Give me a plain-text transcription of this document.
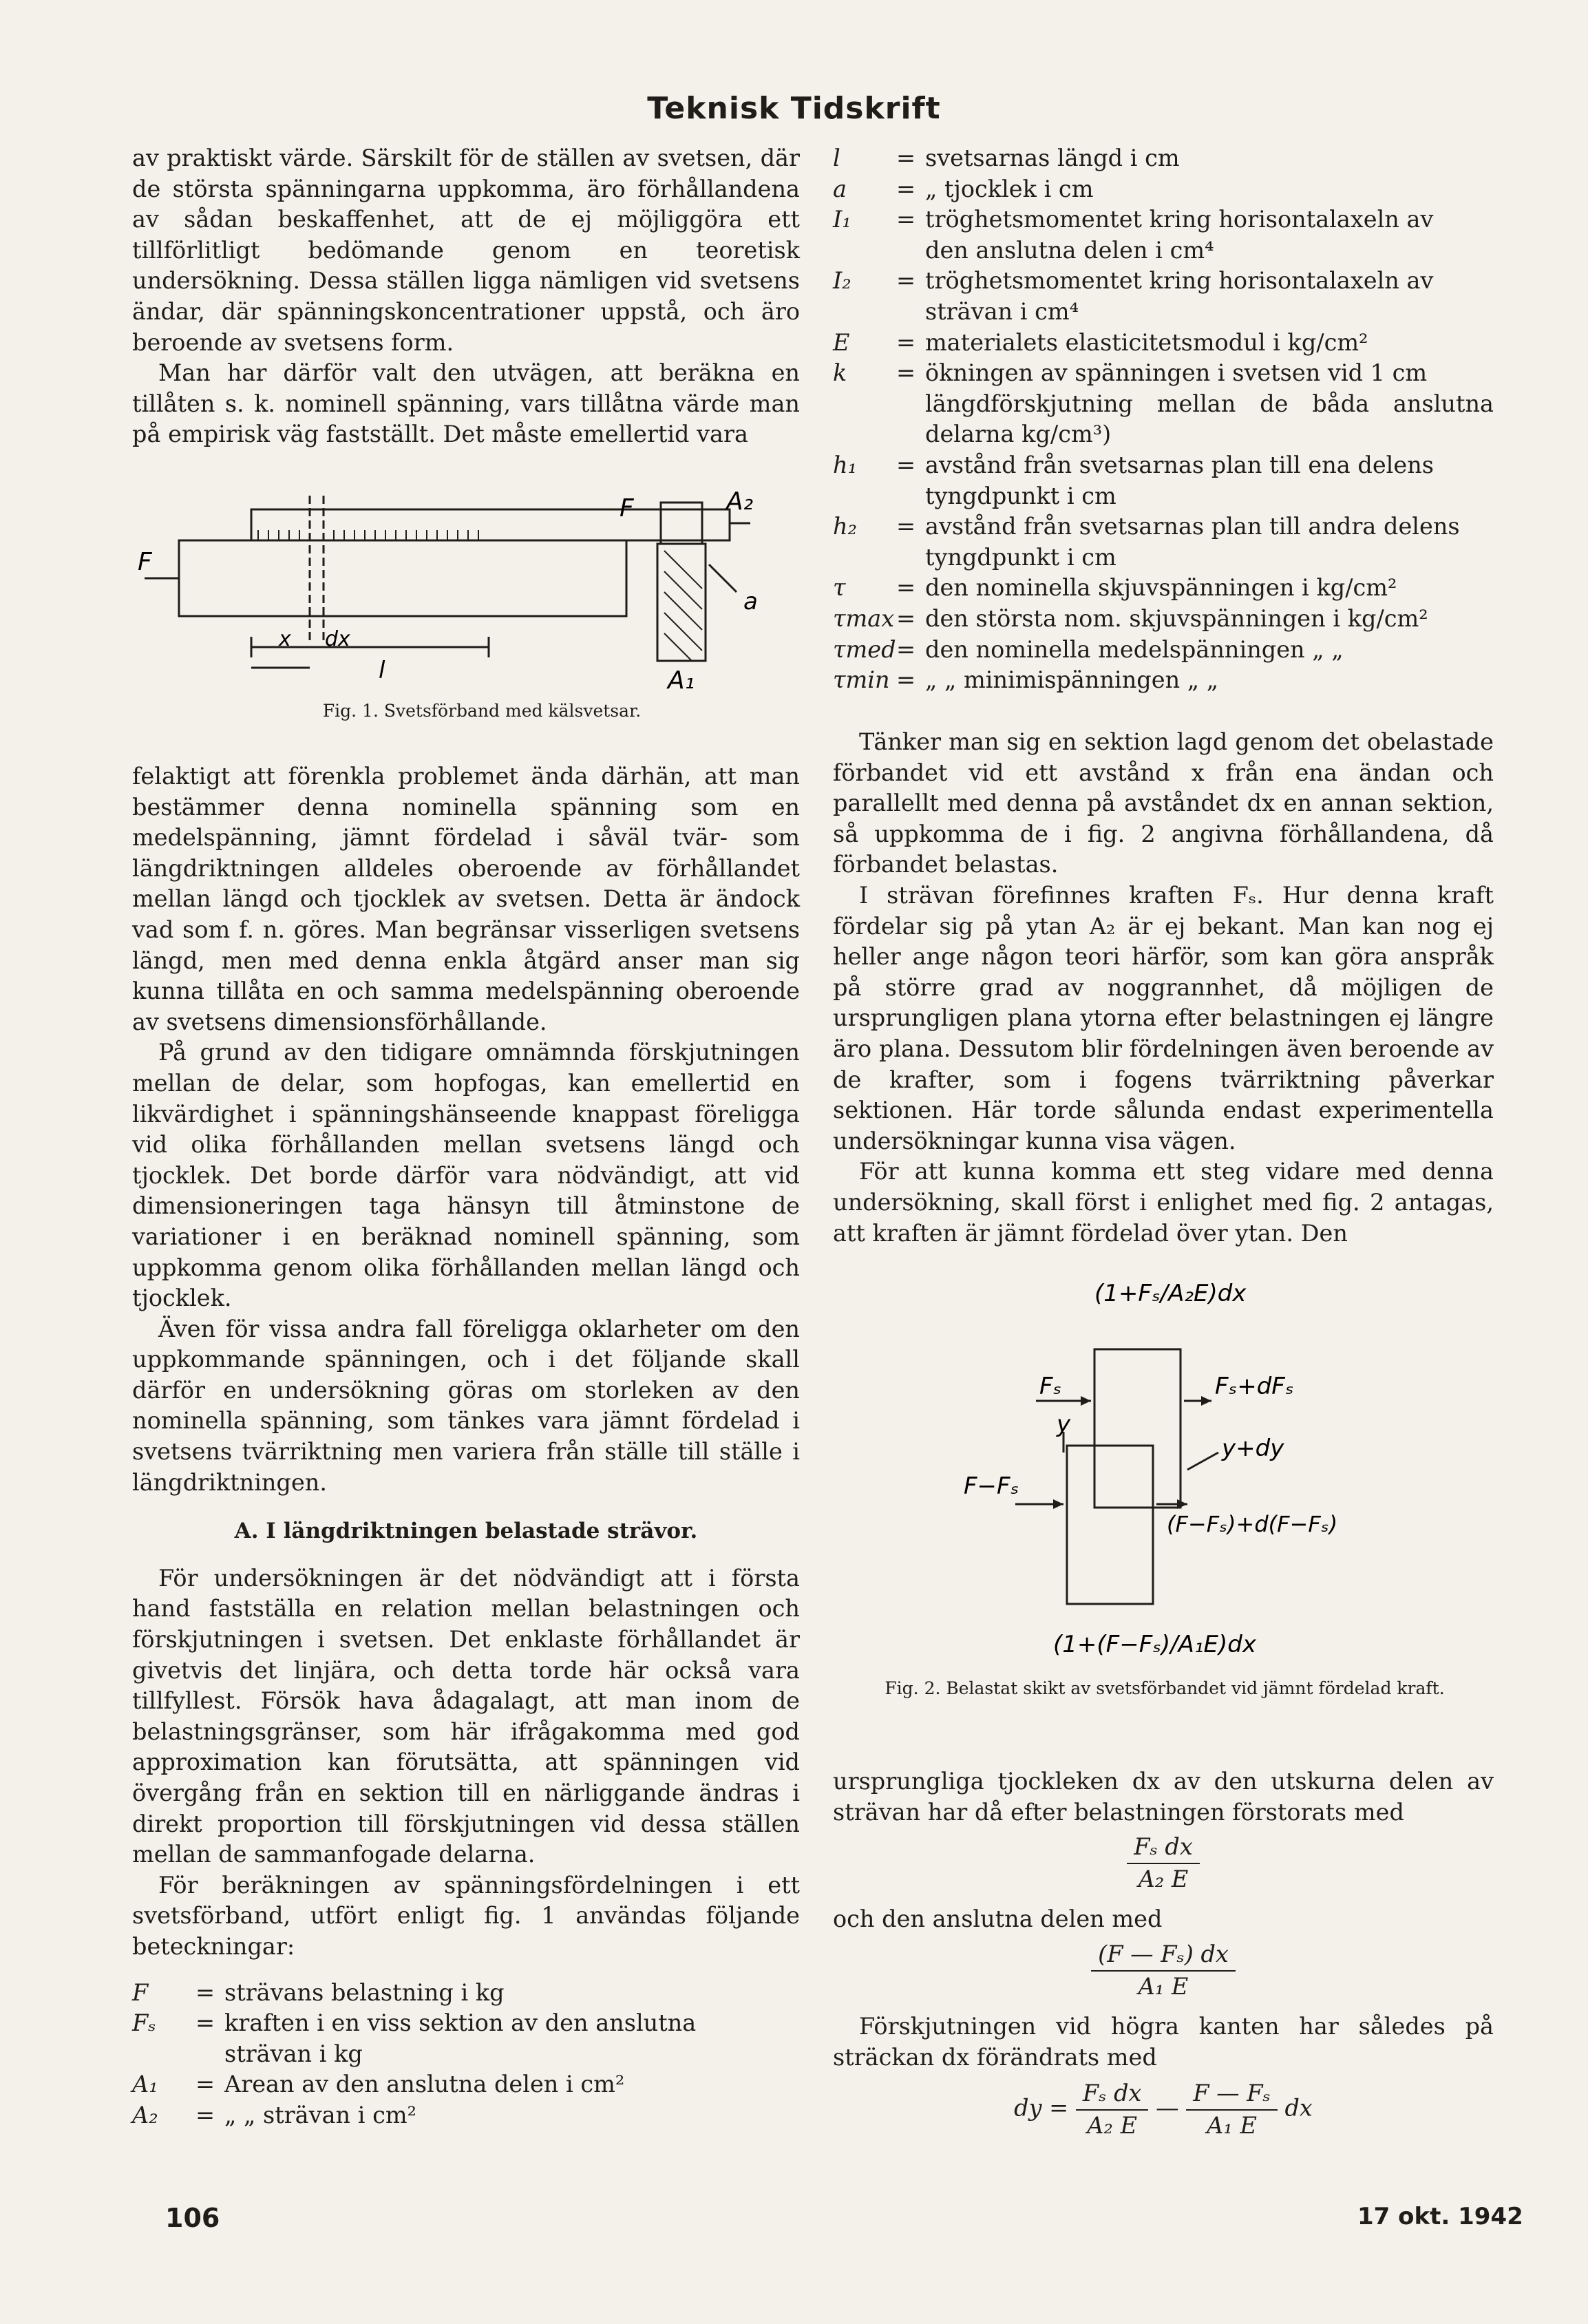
Teknisk Tidskrift

av praktiskt värde. Särskilt för de ställen av svetsen, där de största spänningarna uppkomma, äro förhållandena av sådan beskaffenhet, att de ej möjliggöra ett tillförlitligt bedömande genom en teoretisk undersökning. Dessa ställen ligga nämligen vid svetsens ändar, där spänningskoncentrationer uppstå, och äro beroende av svetsens form.

Man har därför valt den utvägen, att beräkna en tillåten s. k. nominell spänning, vars tillåtna värde man på empirisk väg fastställt. Det måste emellertid vara

F
F
x dx
l
A₂
A₁
a
Fig. 1. Svetsförband med kälsvetsar.

felaktigt att förenkla problemet ända därhän, att man bestämmer denna nominella spänning som en medelspänning, jämnt fördelad i såväl tvär- som längdriktningen alldeles oberoende av förhållandet mellan längd och tjocklek av svetsen. Detta är ändock vad som f. n. göres. Man begränsar visserligen svetsens längd, men med denna enkla åtgärd anser man sig kunna tillåta en och samma medelspänning oberoende av svetsens dimensionsförhållande.

På grund av den tidigare omnämnda förskjutningen mellan de delar, som hopfogas, kan emellertid en likvärdighet i spänningshänseende knappast föreligga vid olika förhållanden mellan svetsens längd och tjocklek. Det borde därför vara nödvändigt, att vid dimensioneringen taga hänsyn till åtminstone de variationer i en beräknad nominell spänning, som uppkomma genom olika förhållanden mellan längd och tjocklek.

Även för vissa andra fall föreligga oklarheter om den uppkommande spänningen, och i det följande skall därför en undersökning göras om storleken av den nominella spänning, som tänkes vara jämnt fördelad i svetsens tvärriktning men variera från ställe till ställe i längdriktningen.

A. I längdriktningen belastade strävor.

För undersökningen är det nödvändigt att i första hand fastställa en relation mellan belastningen och förskjutningen i svetsen. Det enklaste förhållandet är givetvis det linjära, och detta torde här också vara tillfyllest. Försök hava ådagalagt, att man inom de belastningsgränser, som här ifrågakomma med god approximation kan förutsätta, att spänningen vid övergång från en sektion till en närliggande ändras i direkt proportion till förskjutningen vid dessa ställen mellan de sammanfogade delarna.

För beräkningen av spänningsfördelningen i ett svetsförband, utfört enligt fig. 1 användas följande beteckningar:

F	= strävans belastning i kg
Fₛ	= kraften i en viss sektion av den anslutna
strävan i kg
A₁	= Arean av den anslutna delen i cm²
A₂	= „ „ strävan i cm²
l	= svetsarnas längd i cm
a	= „ tjocklek i cm
I₁	= tröghetsmomentet kring horisontalaxeln av
den anslutna delen i cm⁴
I₂	= tröghetsmomentet kring horisontalaxeln av
strävan i cm⁴
E	= materialets elasticitetsmodul i kg/cm²
k	= ökningen av spänningen i svetsen vid 1 cm
längdförskjutning mellan de båda anslutna delarna kg/cm³)
h₁	= avstånd från svetsarnas plan till ena delens
tyngdpunkt i cm
h₂	= avstånd från svetsarnas plan till andra delens
tyngdpunkt i cm
τ	= den nominella skjuvspänningen i kg/cm²
τmax = den största nom. skjuvspänningen i kg/cm²
τmed = den nominella medelspänningen „ „
τmin = „ „ minimispänningen „ „

Tänker man sig en sektion lagd genom det obelastade förbandet vid ett avstånd x från ena ändan och parallellt med denna på avståndet dx en annan sektion, så uppkomma de i fig. 2 angivna förhållandena, då förbandet belastas.

I strävan förefinnes kraften Fₛ. Hur denna kraft fördelar sig på ytan A₂ är ej bekant. Man kan nog ej heller ange någon teori härför, som kan göra anspråk på större grad av noggrannhet, då möjligen de ursprungligen plana ytorna efter belastningen ej längre äro plana. Dessutom blir fördelningen även beroende av de krafter, som i fogens tvärriktning påverkar sektionen. Här torde sålunda endast experimentella undersökningar kunna visa vägen.

För att kunna komma ett steg vidare med denna undersökning, skall först i enlighet med fig. 2 antagas, att kraften är jämnt fördelad över ytan. Den

(1+Fₛ/A₂E)dx
Fₛ	Fₛ+dFₛ
y
y+dy
F−Fₛ
(F−Fₛ)+d(F−Fₛ)
(1+(F−Fₛ)/A₁E)dx
Fig. 2. Belastat skikt av svetsförbandet vid jämnt fördelad kraft.

ursprungliga tjockleken dx av den utskurna delen av strävan har då efter belastningen förstorats med

$\frac{\text{Fₛ dx}}{\text{A₂ E}}$

och den anslutna delen med

$\frac{\text{(F — Fₛ) dx}}{\text{A₁ E}}$

Förskjutningen vid högra kanten har således på sträckan dx förändrats med

dy = $\frac{\text{Fₛ dx}}{\text{A₂ E}}$ — $\frac{\text{F — Fₛ}}{\text{A₁ E}}$ dx
106	17 okt. 1942
